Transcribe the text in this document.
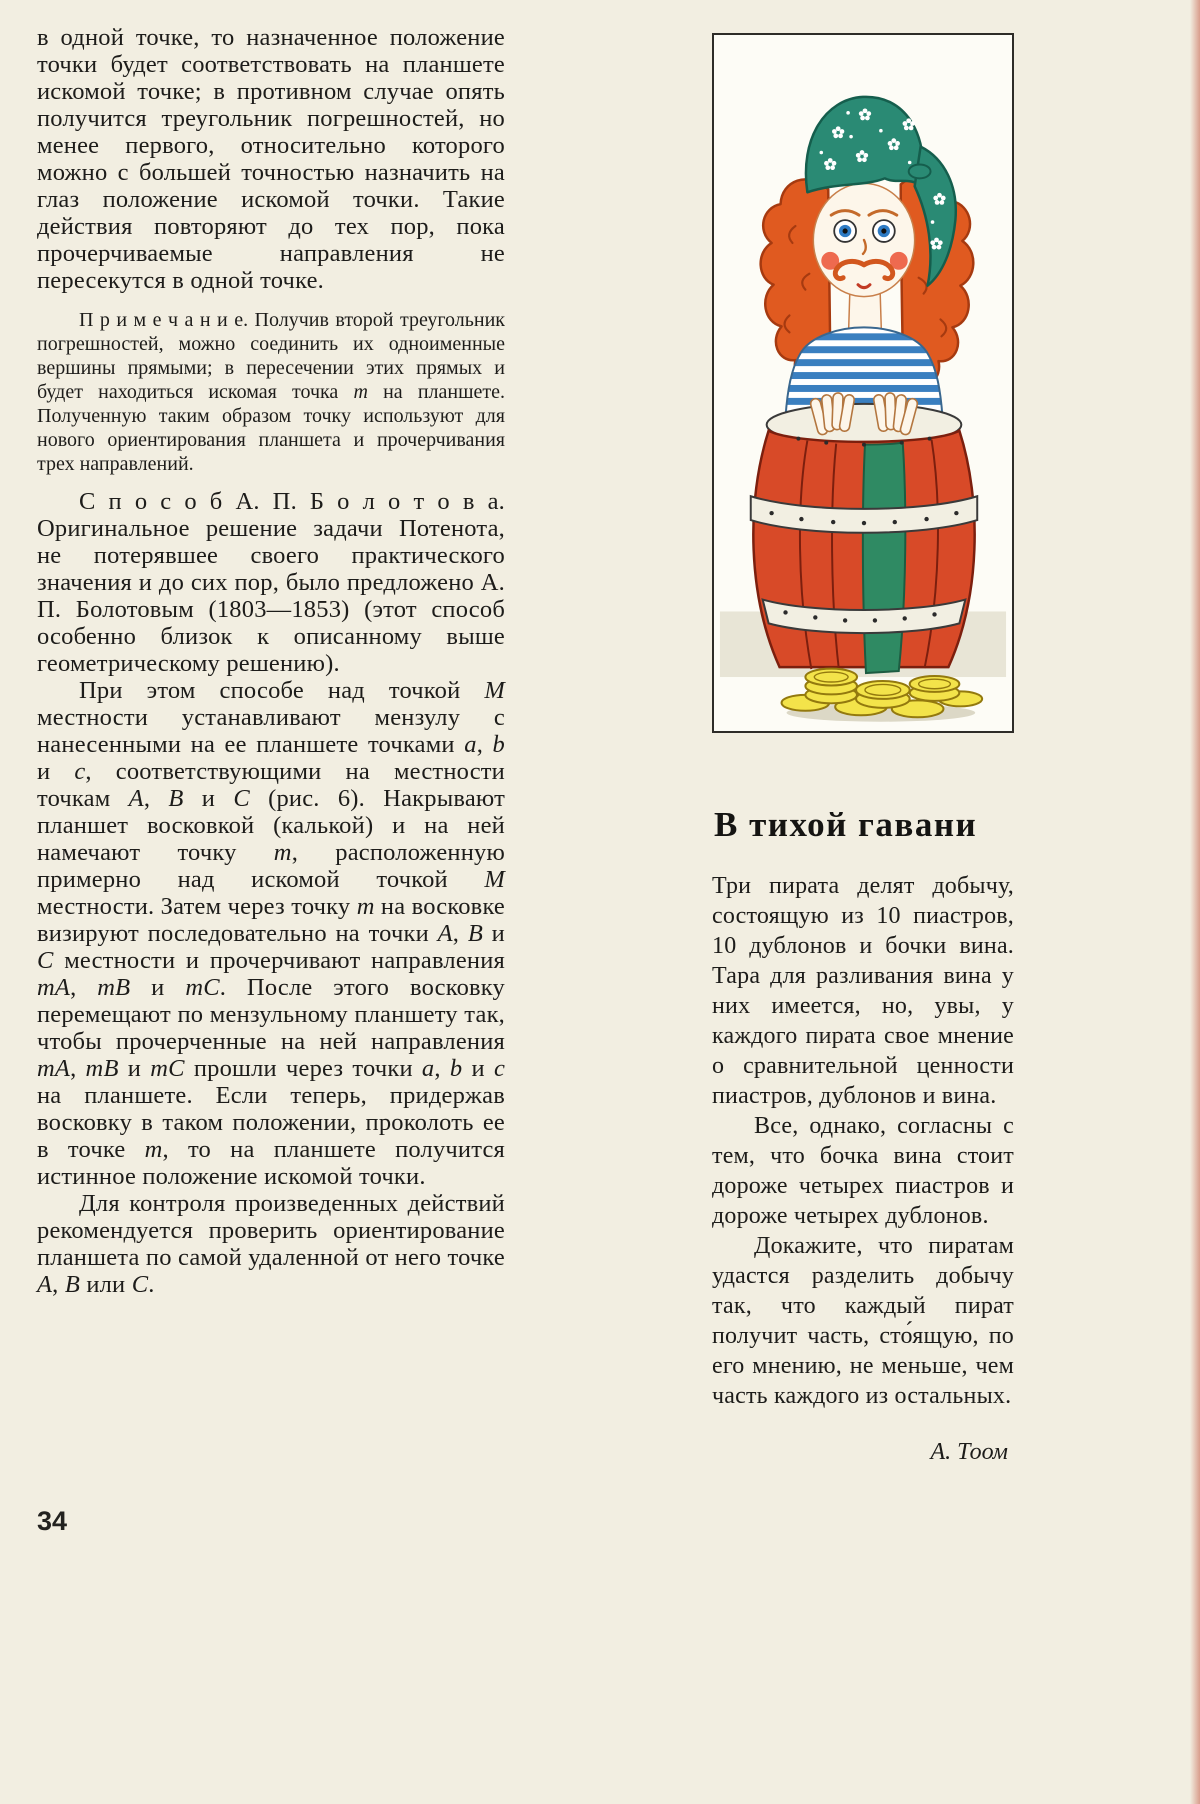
в одной точке, то назначенное положение точки будет соответствовать на планшете искомой точке; в противном случае опять получится треугольник погрешностей, но менее первого, относительно которого можно с большей точностью назначить на глаз положение искомой точки. Такие действия повторяют до тех пор, пока прочерчиваемые направления не пересекутся в одной точке.

П р и м е ч а н и е. Получив второй треугольник погрешностей, можно соединить их одноименные вершины прямыми; в пересечении этих прямых и будет находиться искомая точка m на планшете. Полученную таким образом точку используют для нового ориентирования планшета и прочерчивания трех направлений.

С п о с о б А. П. Б о л о т о в а. Оригинальное решение задачи Потенота, не потерявшее своего практического значения и до сих пор, было предложено А. П. Болотовым (1803—1853) (этот способ особенно близок к описанному выше геометрическому решению).

При этом способе над точкой М местности устанавливают мензулу с нанесенными на ее планшете точками a, b и c, соответствующими на местности точкам А, В и С (рис. 6). Накрывают планшет восковкой (калькой) и на ней намечают точку m, расположенную примерно над искомой точкой М местности. Затем через точку m на восковке визируют последовательно на точки А, В и С местности и прочерчивают направления mA, mB и mC. После этого восковку перемещают по мензульному планшету так, чтобы прочерченные на ней направления mA, mB и mC прошли через точки a, b и c на планшете. Если теперь, придержав восковку в таком положении, проколоть ее в точке m, то на планшете получится истинное положение искомой точки.

Для контроля произведенных действий рекомендуется проверить ориентирование планшета по самой удаленной от него точке А, В или С.

В тихой гавани

Три пирата делят добычу, состоящую из 10 пиастров, 10 дублонов и бочки вина. Тара для разливания вина у них имеется, но, увы, у каждого пирата свое мнение о сравнительной ценности пиастров, дублонов и вина.

Все, однако, согласны с тем, что бочка вина стоит дороже четырех пиастров и дороже четырех дублонов.

Докажите, что пиратам удастся разделить добычу так, что каждый пират получит часть, сто́ящую, по его мнению, не меньше, чем часть каждого из остальных.

А. Тоом
34
